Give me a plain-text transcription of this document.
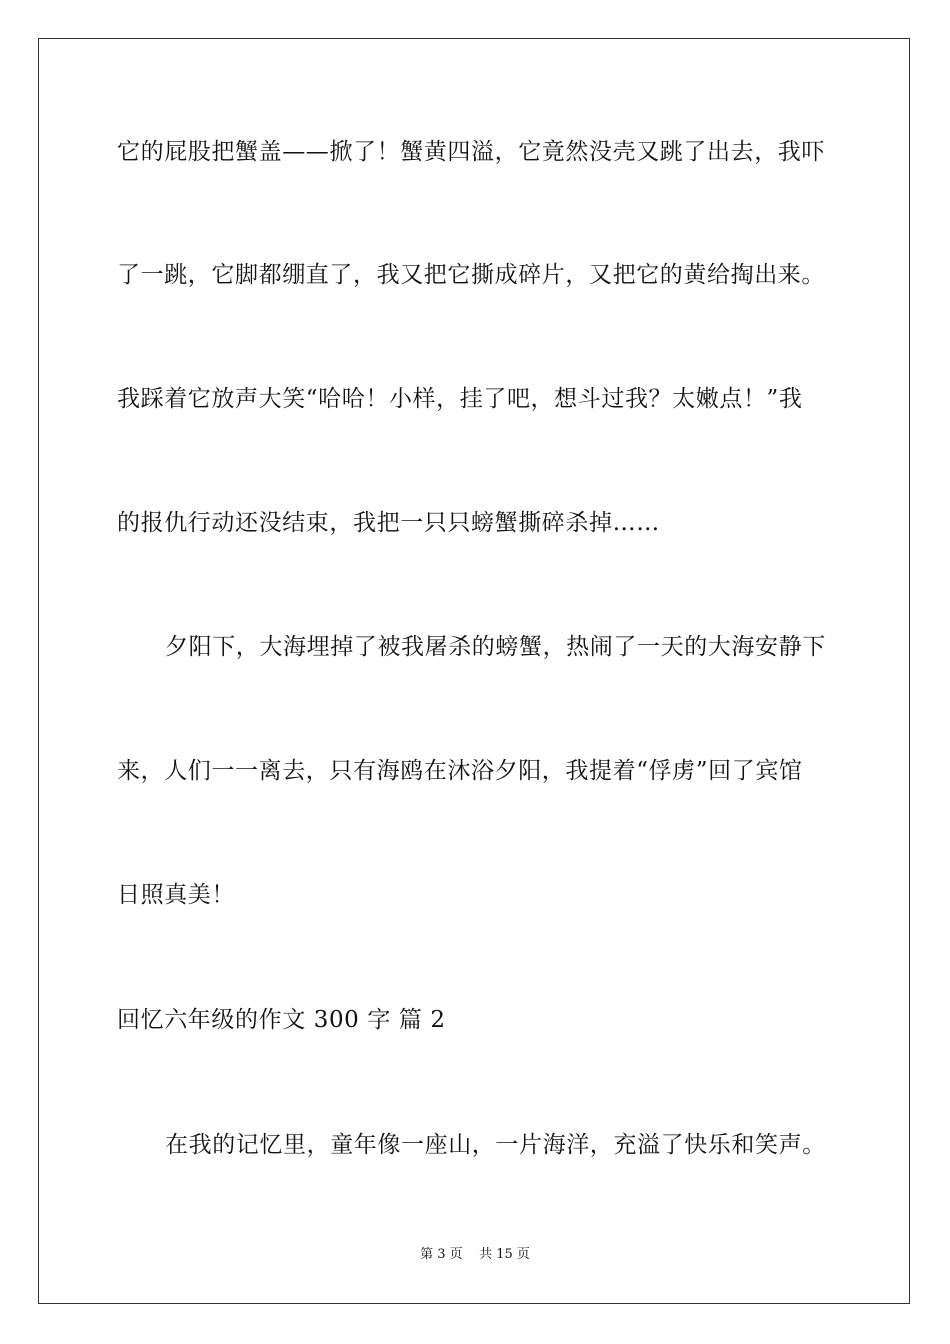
它的屁股把蟹盖——掀了！蟹黄四溢，它竟然没壳又跳了出去，我吓
了一跳，它脚都绷直了，我又把它撕成碎片，又把它的黄给掏出来。
我踩着它放声大笑“哈哈！小样，挂了吧，想斗过我？太嫩点！”我
的报仇行动还没结束，我把一只只螃蟹撕碎杀掉……
夕阳下，大海埋掉了被我屠杀的螃蟹，热闹了一天的大海安静下
来，人们一一离去，只有海鸥在沐浴夕阳，我提着“俘虏”回了宾馆
日照真美！
回忆六年级的作文 300 字 篇 2
在我的记忆里，童年像一座山，一片海洋，充溢了快乐和笑声。
第 3 页    共 15 页
